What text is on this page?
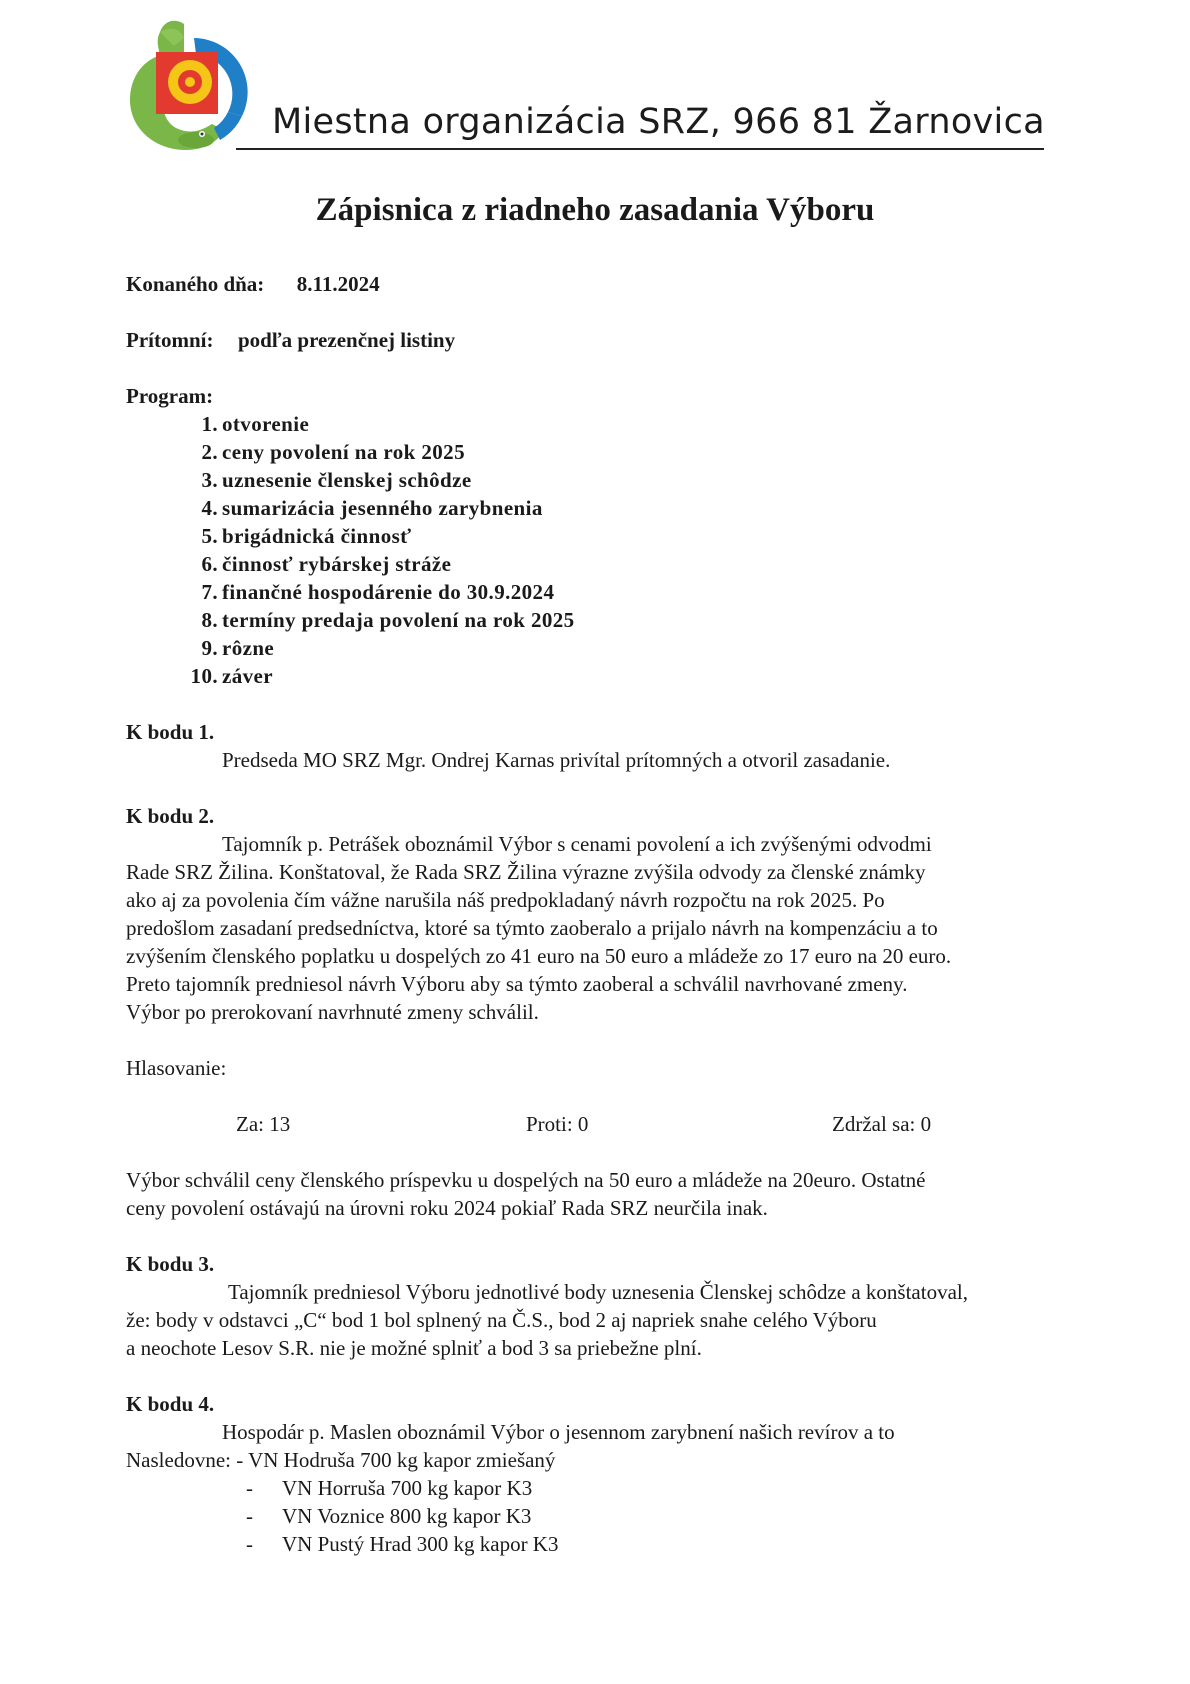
Miestna organizácia SRZ, 966 81 Žarnovica
Zápisnica z riadneho zasadania Výboru
Konaného dňa: 8.11.2024
Prítomní: podľa prezenčnej listiny
Program:
1. otvorenie
2. ceny povolení na rok 2025
3. uznesenie členskej schôdze
4. sumarizácia jesenného zarybnenia
5. brigádnická činnosť
6. činnosť rybárskej stráže
7. finančné hospodárenie do 30.9.2024
8. termíny predaja povolení na rok 2025
9. rôzne
10. záver
K bodu 1.
Predseda MO SRZ Mgr. Ondrej Karnas privítal prítomných a otvoril zasadanie.
K bodu 2.
Tajomník p. Petrášek oboznámil Výbor s cenami povolení a ich zvýšenými odvodmi
Rade SRZ Žilina. Konštatoval, že Rada SRZ Žilina výrazne zvýšila odvody za členské známky
ako aj za povolenia čím vážne narušila náš predpokladaný návrh rozpočtu na rok 2025. Po
predošlom zasadaní predsedníctva, ktoré sa týmto zaoberalo a prijalo návrh na kompenzáciu a to
zvýšením členského poplatku u dospelých zo 41 euro na 50 euro a mládeže zo 17 euro na 20 euro.
Preto tajomník predniesol návrh Výboru aby sa týmto zaoberal a schválil navrhované zmeny.
Výbor po prerokovaní navrhnuté zmeny schválil.
Hlasovanie:
Za: 13	Proti: 0	Zdržal sa: 0
Výbor schválil ceny členského príspevku u dospelých na 50 euro a mládeže na 20euro. Ostatné
ceny povolení ostávajú na úrovni roku 2024 pokiaľ Rada SRZ neurčila inak.
K bodu 3.
Tajomník predniesol Výboru jednotlivé body uznesenia Členskej schôdze a konštatoval,
že: body v odstavci „C“ bod 1 bol splnený na Č.S., bod 2 aj napriek snahe celého Výboru
a neochote Lesov S.R. nie je možné splniť a bod 3 sa priebežne plní.
K bodu 4.
Hospodár p. Maslen oboznámil Výbor o jesennom zarybnení našich revírov a to
Nasledovne: - VN Hodruša 700 kg kapor zmiešaný
- VN Horruša 700 kg kapor K3
- VN Voznice 800 kg kapor K3
- VN Pustý Hrad 300 kg kapor K3
